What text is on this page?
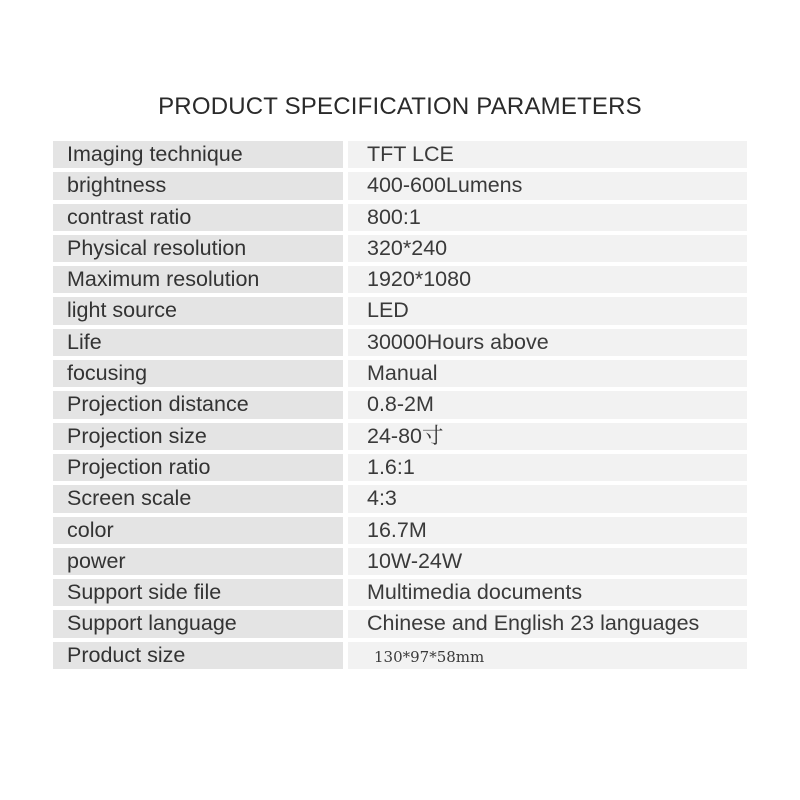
PRODUCT SPECIFICATION PARAMETERS
Imaging technique	TFT LCE
brightness	400-600Lumens
contrast ratio	800:1
Physical resolution	320*240
Maximum resolution	1920*1080
light source	LED
Life	30000Hours above
focusing	Manual
Projection distance	0.8-2M
Projection size	24-80寸
Projection ratio	1.6:1
Screen scale	4:3
color	16.7M
power	10W-24W
Support side file	Multimedia documents
Support language	Chinese and English 23 languages
Product size	130*97*58mm
